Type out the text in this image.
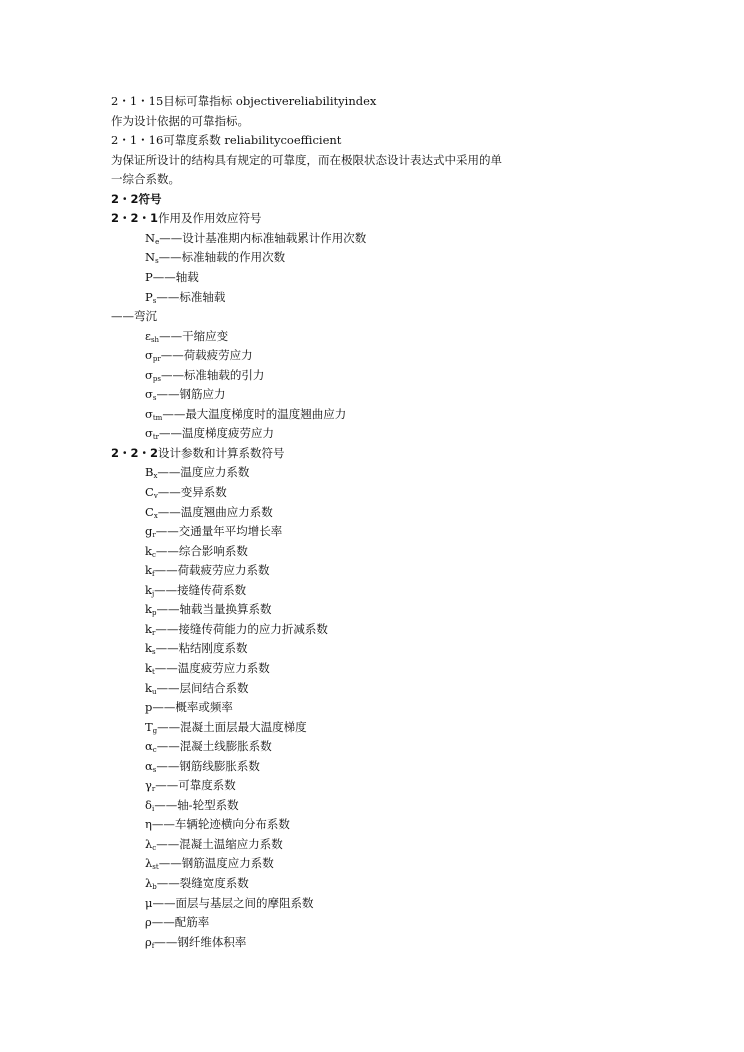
2・1・15目标可靠指标 objectivereliabilityindex
作为设计依据的可靠指标。
2・1・16可靠度系数 reliabilitycoefficient
为保证所设计的结构具有规定的可靠度，而在极限状态设计表达式中采用的单
一综合系数。
2・2符号
2・2・1作用及作用效应符号
$N_e——$设计基准期内标准轴载累计作用次数
$N_s——$标准轴载的作用次数
P——轴载
$P_s——$标准轴载
——弯沉
$\varepsilon_{sh}——$干缩应变
$\sigma_{pr}——$荷载疲劳应力
$\sigma_{ps}——$标准轴载的引力
$\sigma_s——$钢筋应力
$\sigma_{tm}——$最大温度梯度时的温度翘曲应力
$\sigma_{tr}——$温度梯度疲劳应力
2・2・2设计参数和计算系数符号
$B_x——$温度应力系数
$C_v——$变异系数
$C_x——$温度翘曲应力系数
$g_r——$交通量年平均增长率
$k_c——$综合影响系数
$k_f——$荷载疲劳应力系数
$k_j——$接缝传荷系数
$k_p——$轴载当量换算系数
$k_r——$接缝传荷能力的应力折减系数
$k_s——$粘结刚度系数
$k_t——$温度疲劳应力系数
$k_u——$层间结合系数
p——概率或频率
$T_g——$混凝土面层最大温度梯度
$\alpha_c——$混凝土线膨胀系数
$\alpha_s——$钢筋线膨胀系数
$\gamma_r——$可靠度系数
$\delta_i——$轴-轮型系数
η——车辆轮迹横向分布系数
$\lambda_c——$混凝土温缩应力系数
$\lambda_{st}——$钢筋温度应力系数
$\lambda_b——$裂缝宽度系数
μ——面层与基层之间的摩阻系数
ρ——配筋率
$\rho_f——$钢纤维体积率
